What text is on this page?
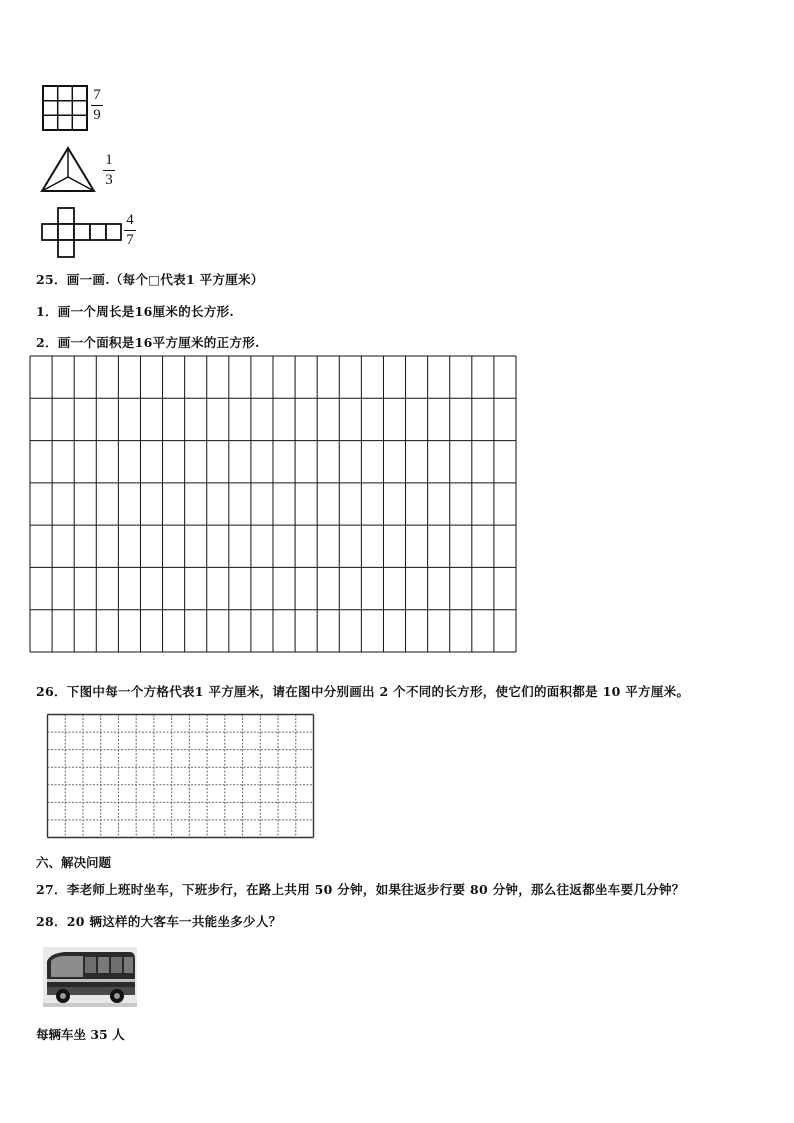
7
9
1
3
4
7
25．画一画.（每个□代表1 平方厘米）
1．画一个周长是16厘米的长方形.
2．画一个面积是16平方厘米的正方形.
26．下图中每一个方格代表1 平方厘米，请在图中分别画出 2 个不同的长方形，使它们的面积都是 10 平方厘米。
六、解决问题
27．李老师上班时坐车，下班步行，在路上共用 50 分钟，如果往返步行要 80 分钟，那么往返都坐车要几分钟？
28．20 辆这样的大客车一共能坐多少人？
每辆车坐 35 人
